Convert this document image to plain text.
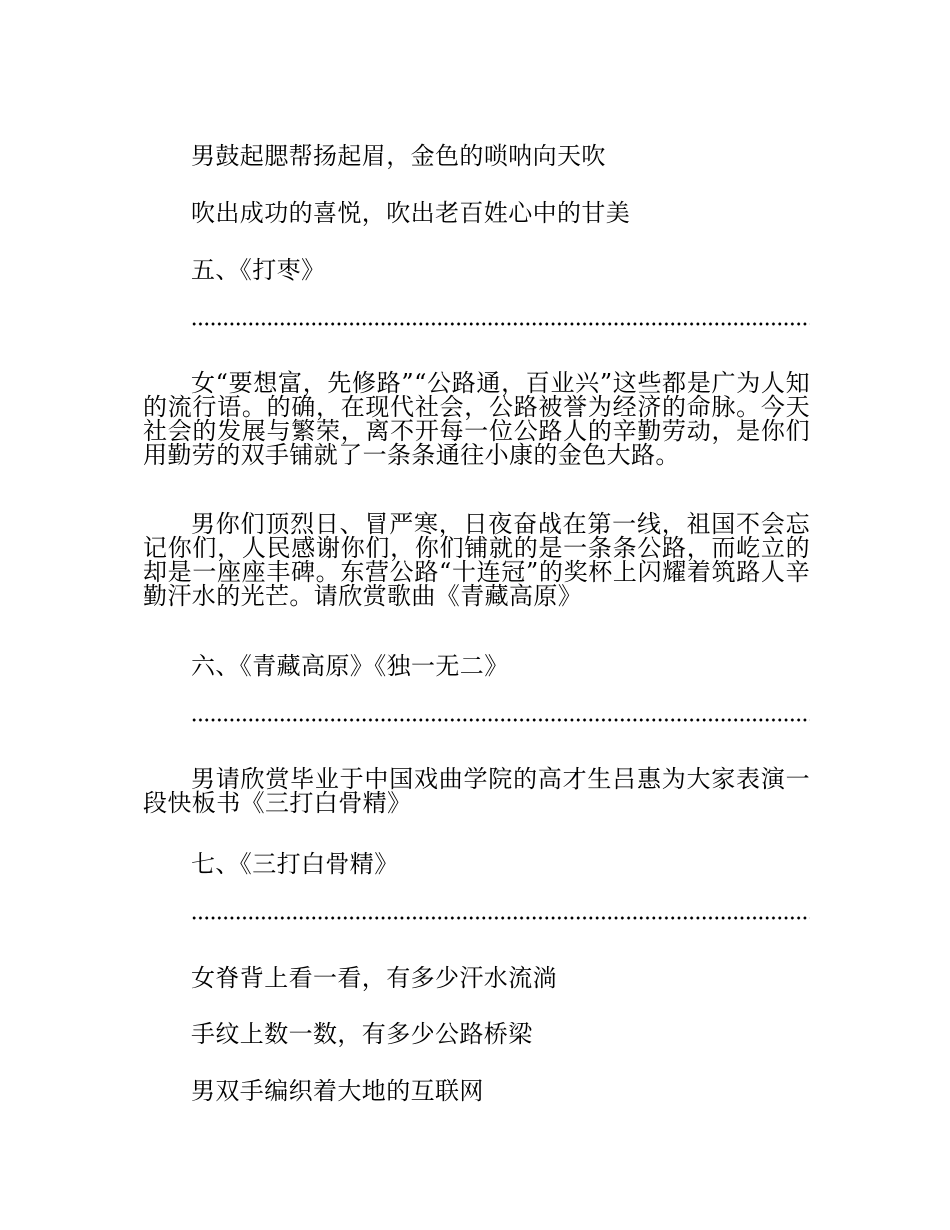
男鼓起腮帮扬起眉，金色的唢呐向天吹

吹出成功的喜悦，吹出老百姓心中的甘美

五、《打枣》

女“要想富，先修路”“公路通，百业兴”这些都是广为人知的流行语。的确，在现代社会，公路被誉为经济的命脉。今天社会的发展与繁荣，离不开每一位公路人的辛勤劳动，是你们用勤劳的双手铺就了一条条通往小康的金色大路。

男你们顶烈日、冒严寒，日夜奋战在第一线，祖国不会忘记你们，人民感谢你们，你们铺就的是一条条公路，而屹立的却是一座座丰碑。东营公路“十连冠”的奖杯上闪耀着筑路人辛勤汗水的光芒。请欣赏歌曲《青藏高原》

六、《青藏高原》《独一无二》

男请欣赏毕业于中国戏曲学院的高才生吕惠为大家表演一段快板书《三打白骨精》

七、《三打白骨精》

女脊背上看一看，有多少汗水流淌

手纹上数一数，有多少公路桥梁

男双手编织着大地的互联网
